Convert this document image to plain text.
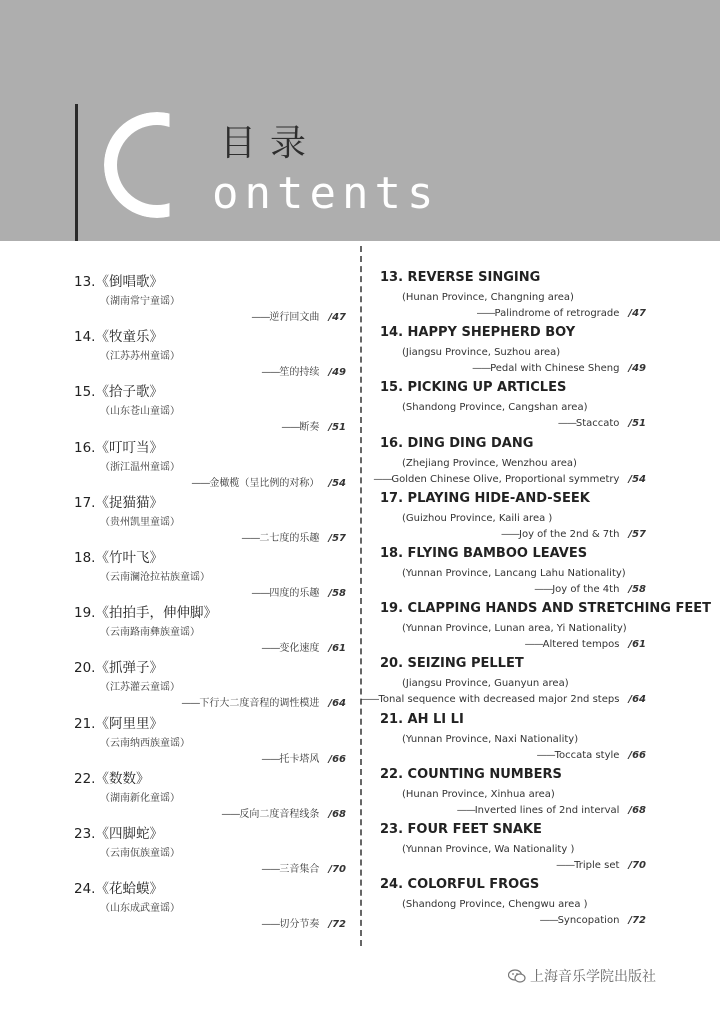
目录
ontents
13.《倒唱歌》
（湖南常宁童谣）
——逆行回文曲 /47
14.《牧童乐》
（江苏苏州童谣）
——笙的持续 /49
15.《拾子歌》
（山东苍山童谣）
——断奏 /51
16.《叮叮当》
（浙江温州童谣）
——金橄榄（呈比例的对称） /54
17.《捉猫猫》
（贵州凯里童谣）
——二七度的乐趣 /57
18.《竹叶飞》
（云南澜沧拉祜族童谣）
——四度的乐趣 /58
19.《拍拍手，伸伸脚》
（云南路南彝族童谣）
——变化速度 /61
20.《抓弹子》
（江苏灌云童谣）
——下行大二度音程的调性模进 /64
21.《阿里里》
（云南纳西族童谣）
——托卡塔风 /66
22.《数数》
（湖南新化童谣）
——反向二度音程线条 /68
23.《四脚蛇》
（云南佤族童谣）
——三音集合 /70
24.《花蛤蟆》
（山东成武童谣）
——切分节奏 /72
13. REVERSE SINGING
(Hunan Province, Changning area)
——Palindrome of retrograde /47
14. HAPPY SHEPHERD BOY
(Jiangsu Province, Suzhou area)
——Pedal with Chinese Sheng /49
15. PICKING UP ARTICLES
(Shandong Province, Cangshan area)
——Staccato /51
16. DING DING DANG
(Zhejiang Province, Wenzhou area)
——Golden Chinese Olive, Proportional symmetry /54
17. PLAYING HIDE-AND-SEEK
(Guizhou Province, Kaili area )
——Joy of the 2nd & 7th /57
18. FLYING BAMBOO LEAVES
(Yunnan Province, Lancang Lahu Nationality)
——Joy of the 4th /58
19. CLAPPING HANDS AND STRETCHING FEET
(Yunnan Province, Lunan area, Yi Nationality)
——Altered tempos /61
20. SEIZING PELLET
(Jiangsu Province, Guanyun area)
——Tonal sequence with decreased major 2nd steps /64
21. AH LI LI
(Yunnan Province, Naxi Nationality)
——Toccata style /66
22. COUNTING NUMBERS
(Hunan Province, Xinhua area)
——Inverted lines of 2nd interval /68
23. FOUR FEET SNAKE
(Yunnan Province, Wa Nationality )
——Triple set /70
24. COLORFUL FROGS
(Shandong Province, Chengwu area )
——Syncopation /72
上海音乐学院出版社
